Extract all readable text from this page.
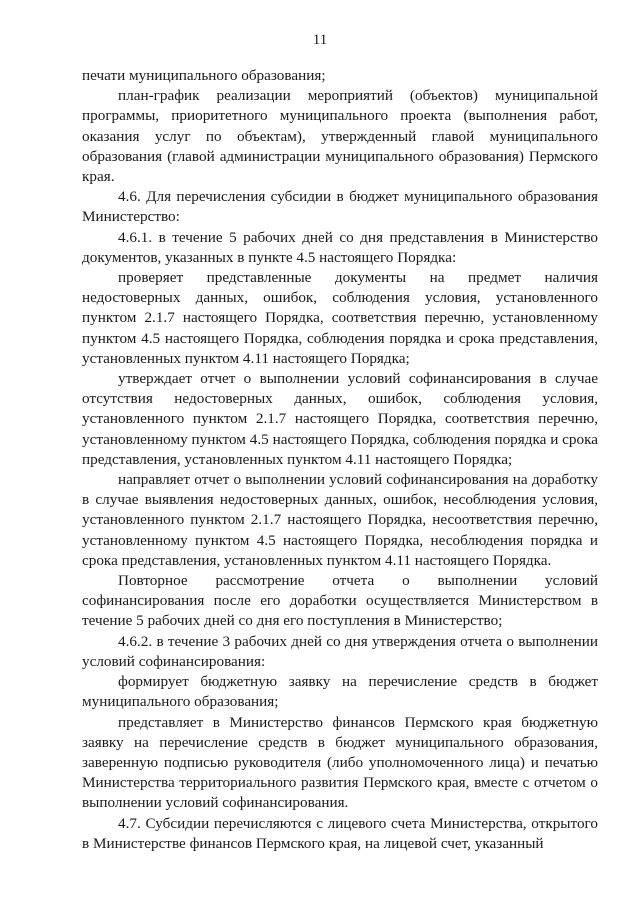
11

печати муниципального образования;

план-график реализации мероприятий (объектов) муниципальной программы, приоритетного муниципального проекта (выполнения работ, оказания услуг по объектам), утвержденный главой муниципального образования (главой администрации муниципального образования) Пермского края.

4.6. Для перечисления субсидии в бюджет муниципального образования Министерство:

4.6.1. в течение 5 рабочих дней со дня представления в Министерство документов, указанных в пункте 4.5 настоящего Порядка:

проверяет представленные документы на предмет наличия недостоверных данных, ошибок, соблюдения условия, установленного пунктом 2.1.7 настоящего Порядка, соответствия перечню, установленному пунктом 4.5 настоящего Порядка, соблюдения порядка и срока представления, установленных пунктом 4.11 настоящего Порядка;

утверждает отчет о выполнении условий софинансирования в случае отсутствия недостоверных данных, ошибок, соблюдения условия, установленного пунктом 2.1.7 настоящего Порядка, соответствия перечню, установленному пунктом 4.5 настоящего Порядка, соблюдения порядка и срока представления, установленных пунктом 4.11 настоящего Порядка;

направляет отчет о выполнении условий софинансирования на доработку в случае выявления недостоверных данных, ошибок, несоблюдения условия, установленного пунктом 2.1.7 настоящего Порядка, несоответствия перечню, установленному пунктом 4.5 настоящего Порядка, несоблюдения порядка и срока представления, установленных пунктом 4.11 настоящего Порядка.

Повторное рассмотрение отчета о выполнении условий софинансирования после его доработки осуществляется Министерством в течение 5 рабочих дней со дня его поступления в Министерство;

4.6.2. в течение 3 рабочих дней со дня утверждения отчета о выполнении условий софинансирования:

формирует бюджетную заявку на перечисление средств в бюджет муниципального образования;

представляет в Министерство финансов Пермского края бюджетную заявку на перечисление средств в бюджет муниципального образования, заверенную подписью руководителя (либо уполномоченного лица) и печатью Министерства территориального развития Пермского края, вместе с отчетом о выполнении условий софинансирования.

4.7. Субсидии перечисляются с лицевого счета Министерства, открытого в Министерстве финансов Пермского края, на лицевой счет, указанный
